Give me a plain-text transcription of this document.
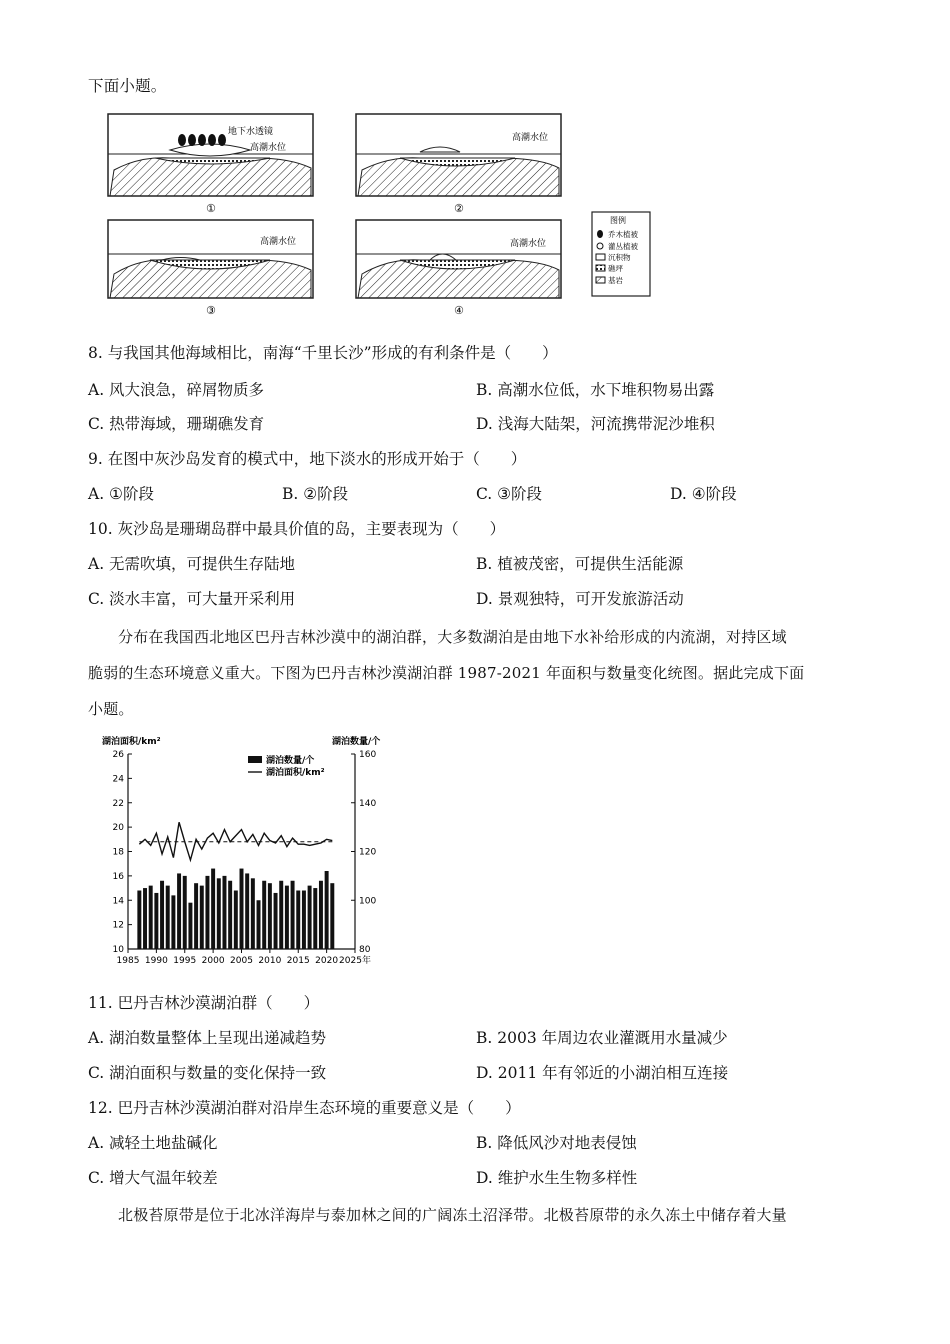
下面小题。
地下水透镜
高潮水位
①
高潮水位
②
高潮水位
③
高潮水位
④
图例
乔木植被
灌丛植被
沉积物
礁坪
基岩
8. 与我国其他海域相比，南海“千里长沙”形成的有利条件是（　　）
A. 风大浪急，碎屑物质多	B. 高潮水位低，水下堆积物易出露
C. 热带海域，珊瑚礁发育	D. 浅海大陆架，河流携带泥沙堆积
9. 在图中灰沙岛发育的模式中，地下淡水的形成开始于（　　）
A. ①阶段	B. ②阶段	C. ③阶段	D. ④阶段
10. 灰沙岛是珊瑚岛群中最具价值的岛，主要表现为（　　）
A. 无需吹填，可提供生存陆地	B. 植被茂密，可提供生活能源
C. 淡水丰富，可大量开采利用	D. 景观独特，可开发旅游活动
分布在我国西北地区巴丹吉林沙漠中的湖泊群，大多数湖泊是由地下水补给形成的内流湖，对持区域
脆弱的生态环境意义重大。下图为巴丹吉林沙漠湖泊群 1987-2021 年面积与数量变化统图。据此完成下面
小题。
湖泊面积/km²	湖泊数量/个
10
12
14
16
18
20
22
24
26
80
100
120
140
160
1985 1990 1995 2000 2005 2010 2015 2020 2025年
湖泊数量/个
湖泊面积/km²
11. 巴丹吉林沙漠湖泊群（　　）
A. 湖泊数量整体上呈现出递减趋势	B. 2003 年周边农业灌溉用水量减少
C. 湖泊面积与数量的变化保持一致	D. 2011 年有邻近的小湖泊相互连接
12. 巴丹吉林沙漠湖泊群对沿岸生态环境的重要意义是（　　）
A. 减轻土地盐碱化	B. 降低风沙对地表侵蚀
C. 增大气温年较差	D. 维护水生生物多样性
北极苔原带是位于北冰洋海岸与泰加林之间的广阔冻土沼泽带。北极苔原带的永久冻土中储存着大量
